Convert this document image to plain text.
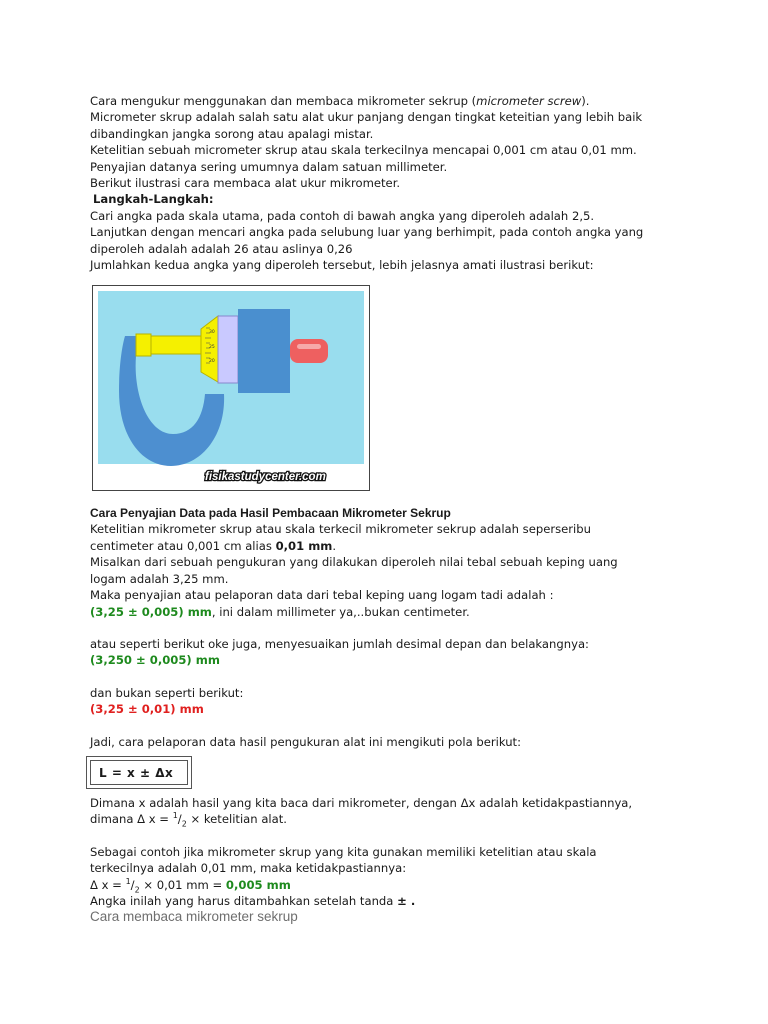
Cara mengukur menggunakan dan membaca mikrometer sekrup (micrometer screw).
Micrometer skrup adalah salah satu alat ukur panjang dengan tingkat keteitian yang lebih baik
dibandingkan jangka sorong atau apalagi mistar.
Ketelitian sebuah micrometer skrup atau skala terkecilnya mencapai 0,001 cm atau 0,01 mm.
Penyajian datanya sering umumnya dalam satuan millimeter.
Berikut ilustrasi cara membaca alat ukur mikrometer.
Langkah-Langkah:
Cari angka pada skala utama, pada contoh di bawah angka yang diperoleh adalah 2,5.
Lanjutkan dengan mencari angka pada selubung luar yang berhimpit, pada contoh angka yang
diperoleh adalah adalah 26 atau aslinya 0,26
Jumlahkan kedua angka yang diperoleh tersebut, lebih jelasnya amati ilustrasi berikut:
30
25
20
fisikastudycenter.com
Cara Penyajian Data pada Hasil Pembacaan Mikrometer Sekrup
Ketelitian mikrometer skrup atau skala terkecil mikrometer sekrup adalah seperseribu
centimeter atau 0,001 cm alias 0,01 mm.
Misalkan dari sebuah pengukuran yang dilakukan diperoleh nilai tebal sebuah keping uang
logam adalah 3,25 mm.
Maka penyajian atau pelaporan data dari tebal keping uang logam tadi adalah :
(3,25 ± 0,005) mm, ini dalam millimeter ya,..bukan centimeter.
atau seperti berikut oke juga, menyesuaikan jumlah desimal depan dan belakangnya:
(3,250 ± 0,005) mm
dan bukan seperti berikut:
(3,25 ± 0,01) mm
Jadi, cara pelaporan data hasil pengukuran alat ini mengikuti pola berikut:
L = x ± Δx
Dimana x adalah hasil yang kita baca dari mikrometer, dengan Δx adalah ketidakpastiannya,
dimana Δ $x = ^1/_2$ × ketelitian alat.
Sebagai contoh jika mikrometer skrup yang kita gunakan memiliki ketelitian atau skala
terkecilnya adalah 0,01 mm, maka ketidakpastiannya:
Δ $x = ^1/_2 \times 0,01$ mm = 0,005 mm
Angka inilah yang harus ditambahkan setelah tanda ± .
Cara membaca mikrometer sekrup
